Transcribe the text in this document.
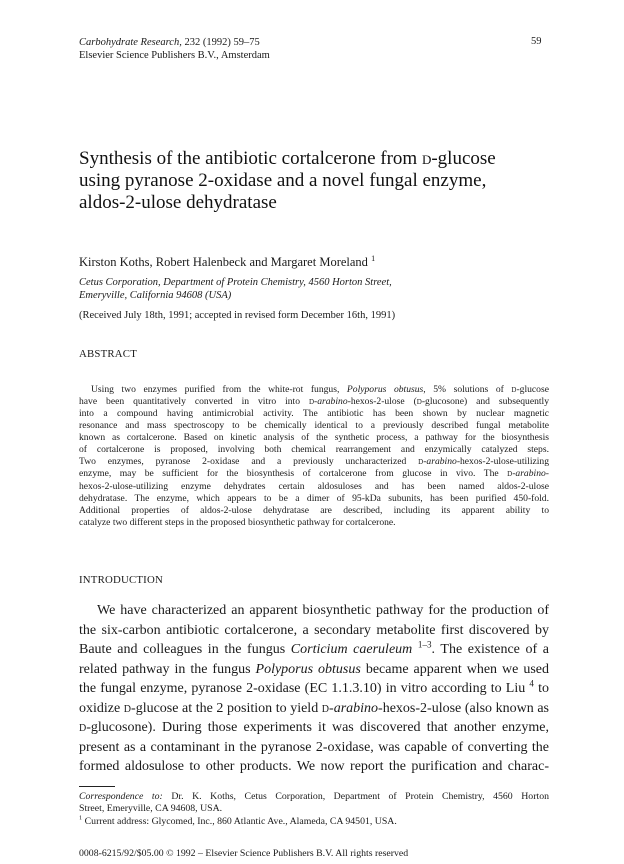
Carbohydrate Research, 232 (1992) 59–75
Elsevier Science Publishers B.V., Amsterdam
59
Synthesis of the antibiotic cortalcerone from d-glucose
using pyranose 2-oxidase and a novel fungal enzyme,
aldos-2-ulose dehydratase
Kirston Koths, Robert Halenbeck and Margaret Moreland $^1$
Cetus Corporation, Department of Protein Chemistry, 4560 Horton Street,
Emeryville, California 94608 (USA)
(Received July 18th, 1991; accepted in revised form December 16th, 1991)
ABSTRACT
Using two enzymes purified from the white-rot fungus, Polyporus obtusus, 5% solutions of d-glucose
have been quantitatively converted in vitro into d-arabino-hexos-2-ulose (d-glucosone) and subsequently
into a compound having antimicrobial activity. The antibiotic has been shown by nuclear magnetic
resonance and mass spectroscopy to be chemically identical to a previously described fungal metabolite
known as cortalcerone. Based on kinetic analysis of the synthetic process, a pathway for the biosynthesis
of cortalcerone is proposed, involving both chemical rearrangement and enzymically catalyzed steps.
Two enzymes, pyranose 2-oxidase and a previously uncharacterized d-arabino-hexos-2-ulose-utilizing
enzyme, may be sufficient for the biosynthesis of cortalcerone from glucose in vivo. The d-arabino-
hexos-2-ulose-utilizing enzyme dehydrates certain aldosuloses and has been named aldos-2-ulose
dehydratase. The enzyme, which appears to be a dimer of 95-kDa subunits, has been purified 450-fold.
Additional properties of aldos-2-ulose dehydratase are described, including its apparent ability to
catalyze two different steps in the proposed biosynthetic pathway for cortalcerone.
INTRODUCTION
We have characterized an apparent biosynthetic pathway for the production of
the six-carbon antibiotic cortalcerone, a secondary metabolite first discovered by
Baute and colleagues in the fungus Corticium caeruleum $^{1-3}$. The existence of a
related pathway in the fungus Polyporus obtusus became apparent when we used
the fungal enzyme, pyranose 2-oxidase (EC 1.1.3.10) in vitro according to Liu $^4$ to
oxidize d-glucose at the 2 position to yield d-arabino-hexos-2-ulose (also known as
d-glucosone). During those experiments it was discovered that another enzyme,
present as a contaminant in the pyranose 2-oxidase, was capable of converting the
formed aldosulose to other products. We now report the purification and charac-
Correspondence to: Dr. K. Koths, Cetus Corporation, Department of Protein Chemistry, 4560 Horton
Street, Emeryville, CA 94608, USA.
$^1$ Current address: Glycomed, Inc., 860 Atlantic Ave., Alameda, CA 94501, USA.
0008-6215/92/$05.00 © 1992 – Elsevier Science Publishers B.V. All rights reserved
